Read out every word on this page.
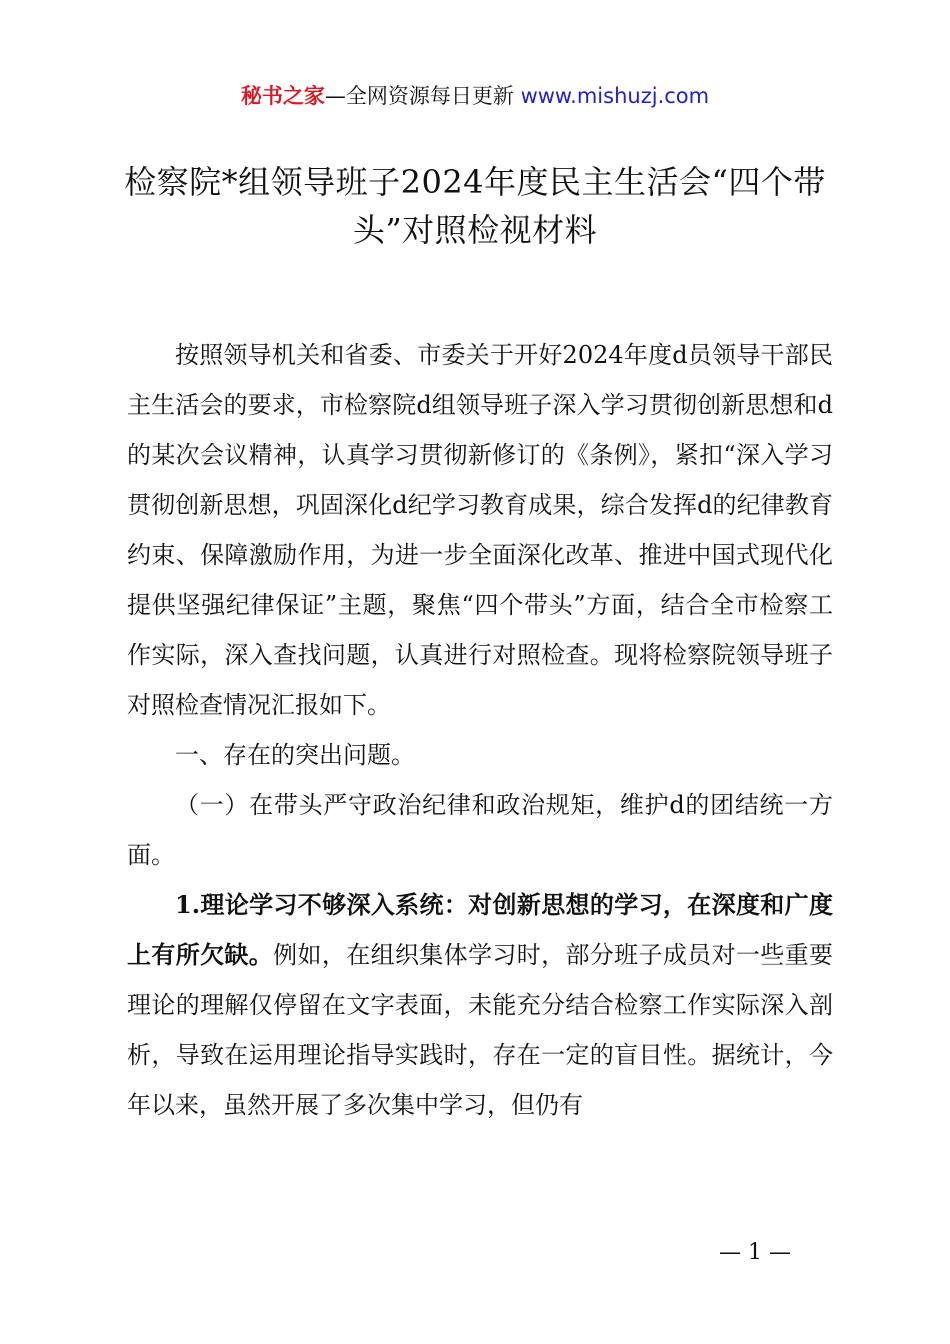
秘书之家—全网资源每日更新 www.mishuzj.com
检察院*组领导班子2024年度民主生活会“四个带头”对照检视材料

按照领导机关和省委、市委关于开好2024年度d员领导干部民主生活会的要求，市检察院d组领导班子深入学习贯彻创新思想和d的某次会议精神，认真学习贯彻新修订的《条例》，紧扣“深入学习贯彻创新思想，巩固深化d纪学习教育成果，综合发挥d的纪律教育约束、保障激励作用，为进一步全面深化改革、推进中国式现代化提供坚强纪律保证”主题，聚焦“四个带头”方面，结合全市检察工作实际，深入查找问题，认真进行对照检查。现将检察院领导班子对照检查情况汇报如下。

一、存在的突出问题。

（一）在带头严守政治纪律和政治规矩，维护d的团结统一方面。

1.理论学习不够深入系统：对创新思想的学习，在深度和广度上有所欠缺。例如，在组织集体学习时，部分班子成员对一些重要理论的理解仅停留在文字表面，未能充分结合检察工作实际深入剖析，导致在运用理论指导实践时，存在一定的盲目性。据统计，今年以来，虽然开展了多次集中学习，但仍有

— 1 —
